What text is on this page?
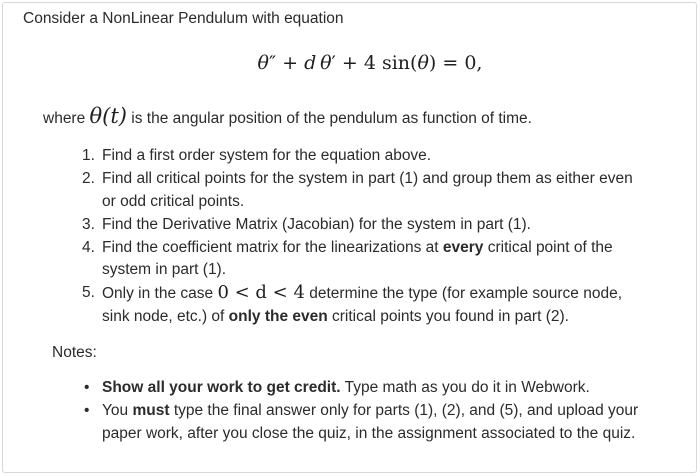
Consider a NonLinear Pendulum with equation
θ″ + d  θ′ + 4 sin(θ) = 0,
where θ(t) is the angular position of the pendulum as function of time.
1. Find a first order system for the equation above.
2. Find all critical points for the system in part (1) and group them as either even or odd critical points.
3. Find the Derivative Matrix (Jacobian) for the system in part (1).
4. Find the coefficient matrix for the linearizations at every critical point of the system in part (1).
5. Only in the case 0 < d < 4 determine the type (for example source node, sink node, etc.) of only the even critical points you found in part (2).
Notes:
• Show all your work to get credit. Type math as you do it in Webwork.
• You must type the final answer only for parts (1), (2), and (5), and upload your paper work, after you close the quiz, in the assignment associated to the quiz.
